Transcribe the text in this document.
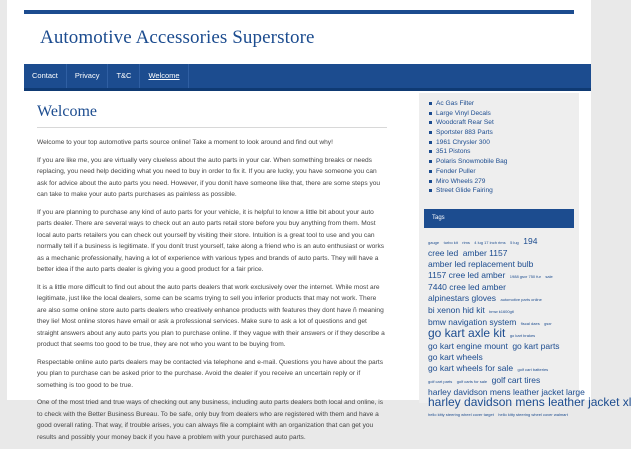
Automotive Accessories Superstore
Contact	Privacy	T&C	Welcome
Welcome

Welcome to your top automotive parts source online! Take a moment to look around and find out why!

If you are like me, you are virtually very clueless about the auto parts in your car. When something breaks or needs replacing, you need help deciding what you need to buy in order to fix it. If you are lucky, you have someone you can ask for advice about the auto parts you need. However, if you donít have someone like that, there are some steps you can take to make your auto parts purchases as painless as possible.

If you are planning to purchase any kind of auto parts for your vehicle, it is helpful to know a little bit about your auto parts dealer. There are several ways to check out an auto parts retail store before you buy anything from them. Most local auto parts retailers you can check out yourself by visiting their store. Intuition is a great tool to use and you can normally tell if a business is legitimate. If you donít trust yourself, take along a friend who is an auto enthusiast or works as a mechanic professionally, having a lot of experience with various types and brands of auto parts. They will have a better idea if the auto parts dealer is giving you a good product for a fair price.

It is a little more difficult to find out about the auto parts dealers that work exclusively over the internet. While most are legitimate, just like the local dealers, some can be scams trying to sell you inferior products that may not work. There are also some online store auto parts dealers who creatively enhance products with features they dont have ñ meaning they lie! Most online stores have email or ask a professional services. Make sure to ask a lot of questions and get straight answers about any auto parts you plan to purchase online. If they vague with their answers or if they describe a product that seems too good to be true, they are not who you want to be buying from.

Respectable online auto parts dealers may be contacted via telephone and e-mail. Questions you have about the parts you plan to purchase can be asked prior to the purchase. Avoid the dealer if you receive an uncertain reply or if something is too good to be true.

One of the most tried and true ways of checking out any business, including auto parts dealers both local and online, is to check with the Better Business Bureau. To be safe, only buy from dealers who are registered with them and have a good overall rating. That way, if trouble arises, you can always file a complaint with an organization that can get you results and possibly your money back if you have a problem with your purchased auto parts.

Ac Gas Filter
Large Vinyl Decals
Woodcraft Rear Set
Sportster 883 Parts
1961 Chrysler 300
351 Pistons
Polaris Snowmobile Bag
Fender Puller
Miro Wheels 279
Street Glide Fairing
Tags
gauge turbo kit rims 4 lug 17 inch rims 5 lug 194 cree led amber 1157 amber led replacement bulb 1157 cree led amber 1988 gsxr 750 fur sale 7440 cree led amber alpinestars gloves automotive parts online bi xenon hid kit bmw k1600gtl bmw navigation system fiscal daes gsxr go kart axle kit go kart brakes go kart engine mount go kart parts go kart wheels go kart wheels for sale golf cart batteries golf cart parts golf carts for sale golf cart tires harley davidson mens leather jacket large harley davidson mens leather jacket xl hello kitty steering wheel cover target hello kitty steering wheel cover walmart
